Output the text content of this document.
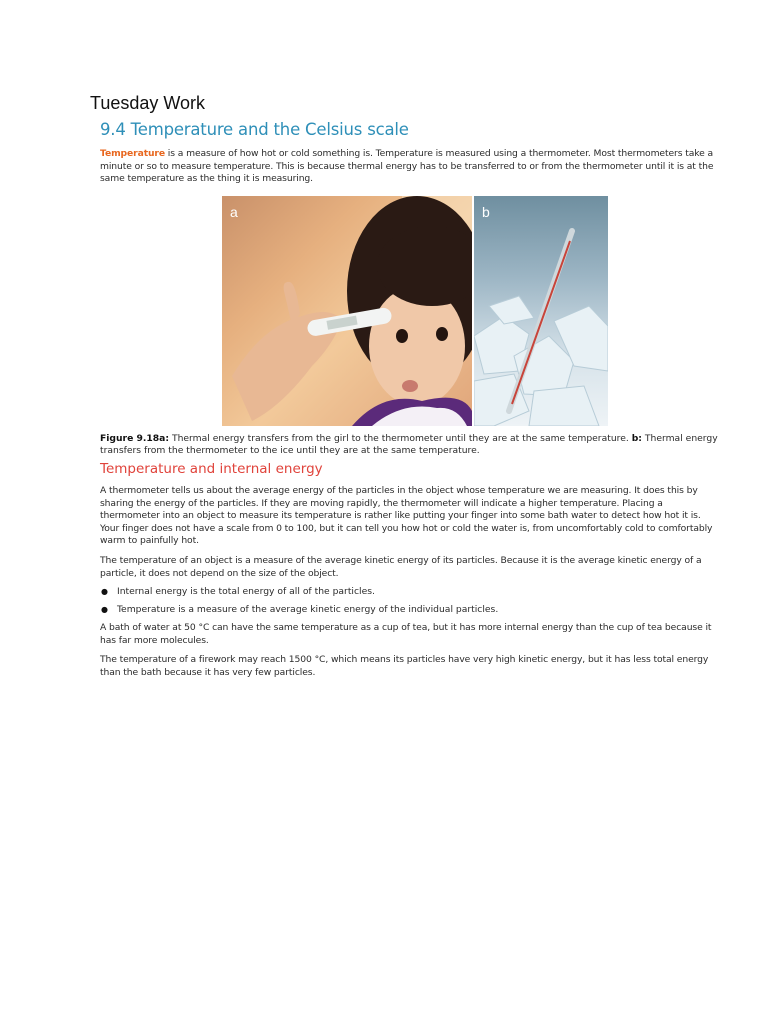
Tuesday Work
9.4 Temperature and the Celsius scale
Temperature is a measure of how hot or cold something is. Temperature is measured using a thermometer. Most thermometers take a minute or so to measure temperature. This is because thermal energy has to be transferred to or from the thermometer until it is at the same temperature as the thing it is measuring.
a	b
Figure 9.18a: Thermal energy transfers from the girl to the thermometer until they are at the same temperature. b: Thermal energy transfers from the thermometer to the ice until they are at the same temperature.
Temperature and internal energy
A thermometer tells us about the average energy of the particles in the object whose temperature we are measuring. It does this by sharing the energy of the particles. If they are moving rapidly, the thermometer will indicate a higher temperature. Placing a thermometer into an object to measure its temperature is rather like putting your finger into some bath water to detect how hot it is. Your finger does not have a scale from 0 to 100, but it can tell you how hot or cold the water is, from uncomfortably cold to comfortably warm to painfully hot.
The temperature of an object is a measure of the average kinetic energy of its particles. Because it is the average kinetic energy of a particle, it does not depend on the size of the object.
● Internal energy is the total energy of all of the particles.
● Temperature is a measure of the average kinetic energy of the individual particles.
A bath of water at 50 °C can have the same temperature as a cup of tea, but it has more internal energy than the cup of tea because it has far more molecules.
The temperature of a firework may reach 1500 °C, which means its particles have very high kinetic energy, but it has less total energy than the bath because it has very few particles.
